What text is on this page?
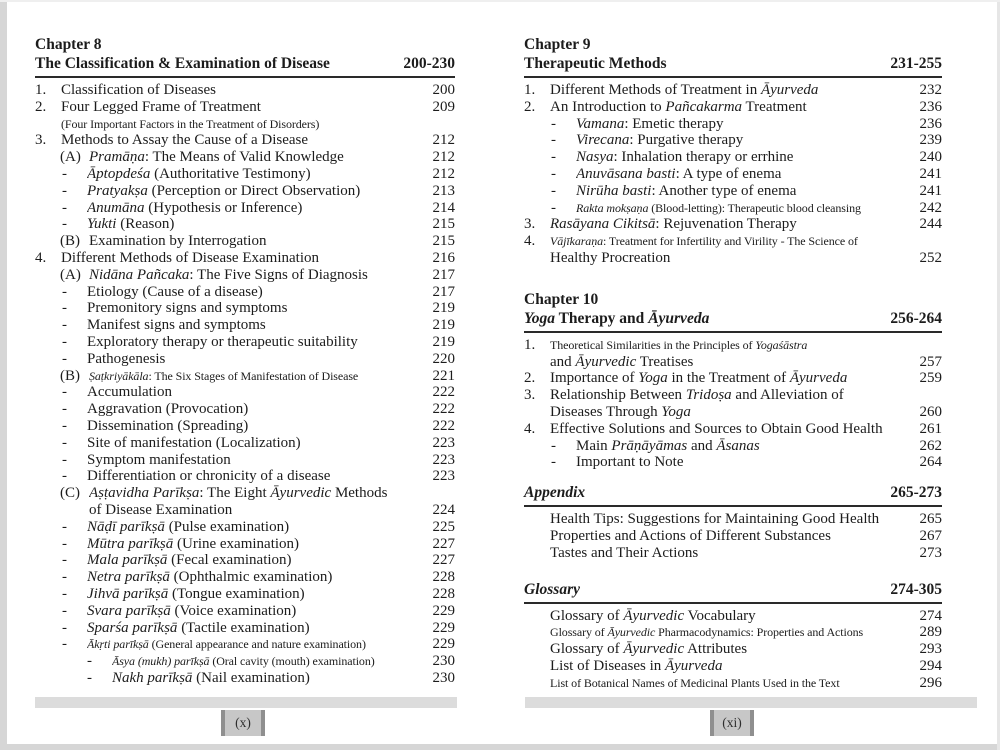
Chapter 8
The Classification & Examination of Disease	200-230
1. Classification of Diseases	200
2. Four Legged Frame of Treatment	209
(Four Important Factors in the Treatment of Disorders)
3. Methods to Assay the Cause of a Disease	212
(A) Pramāṇa: The Means of Valid Knowledge	212
-	Āptopdeśa (Authoritative Testimony)	212
-	Pratyakṣa (Perception or Direct Observation)	213
-	Anumāna (Hypothesis or Inference)	214
-	Yukti (Reason)	215
(B) Examination by Interrogation	215
4. Different Methods of Disease Examination	216
(A) Nidāna Pañcaka: The Five Signs of Diagnosis	217
-	Etiology (Cause of a disease)	217
-	Premonitory signs and symptoms	219
-	Manifest signs and symptoms	219
-	Exploratory therapy or therapeutic suitability	219
-	Pathogenesis	220
(B) Ṣaṭkriyākāla: The Six Stages of Manifestation of Disease	221
-	Accumulation	222
-	Aggravation (Provocation)	222
-	Dissemination (Spreading)	222
-	Site of manifestation (Localization)	223
-	Symptom manifestation	223
-	Differentiation or chronicity of a disease	223
(C) Aṣṭavidha Parīkṣa: The Eight Āyurvedic Methods
of Disease Examination	224
-	Nāḍī parīkṣā (Pulse examination)	225
-	Mūtra parīkṣā (Urine examination)	227
-	Mala parīkṣā (Fecal examination)	227
-	Netra parīkṣā (Ophthalmic examination)	228
-	Jihvā parīkṣā (Tongue examination)	228
-	Svara parīkṣā (Voice examination)	229
-	Sparśa parīkṣā (Tactile examination)	229
-	Ākṛti parīkṣā (General appearance and nature examination)	229
-	Āsya (mukh) parīkṣā (Oral cavity (mouth) examination)	230
-	Nakh parīkṣā (Nail examination)	230
Chapter 9
Therapeutic Methods	231-255
1. Different Methods of Treatment in Āyurveda	232
2. An Introduction to Pañcakarma Treatment	236
-	Vamana: Emetic therapy	236
-	Virecana: Purgative therapy	239
-	Nasya: Inhalation therapy or errhine	240
-	Anuvāsana basti: A type of enema	241
-	Nirūha basti: Another type of enema	241
-	Rakta mokṣaṇa (Blood-letting): Therapeutic blood cleansing	242
3. Rasāyana Cikitsā: Rejuvenation Therapy	244
4.	Vājīkaraṇa: Treatment for Infertility and Virility - The Science of
Healthy Procreation	252
Chapter 10
Yoga Therapy and Āyurveda	256-264
1.	Theoretical Similarities in the Principles of Yogaśāstra
and Āyurvedic Treatises	257
2. Importance of Yoga in the Treatment of Āyurveda	259
3. Relationship Between Tridoṣa and Alleviation of
Diseases Through Yoga	260
4. Effective Solutions and Sources to Obtain Good Health	261
-	Main Prāṇāyāmas and Āsanas	262
-	Important to Note	264
Appendix	265-273
Health Tips: Suggestions for Maintaining Good Health	265
Properties and Actions of Different Substances	267
Tastes and Their Actions	273
Glossary	274-305
Glossary of Āyurvedic Vocabulary	274
Glossary of Āyurvedic Pharmacodynamics: Properties and Actions	289
Glossary of Āyurvedic Attributes	293
List of Diseases in Āyurveda	294
List of Botanical Names of Medicinal Plants Used in the Text	296
(x)	(xi)
